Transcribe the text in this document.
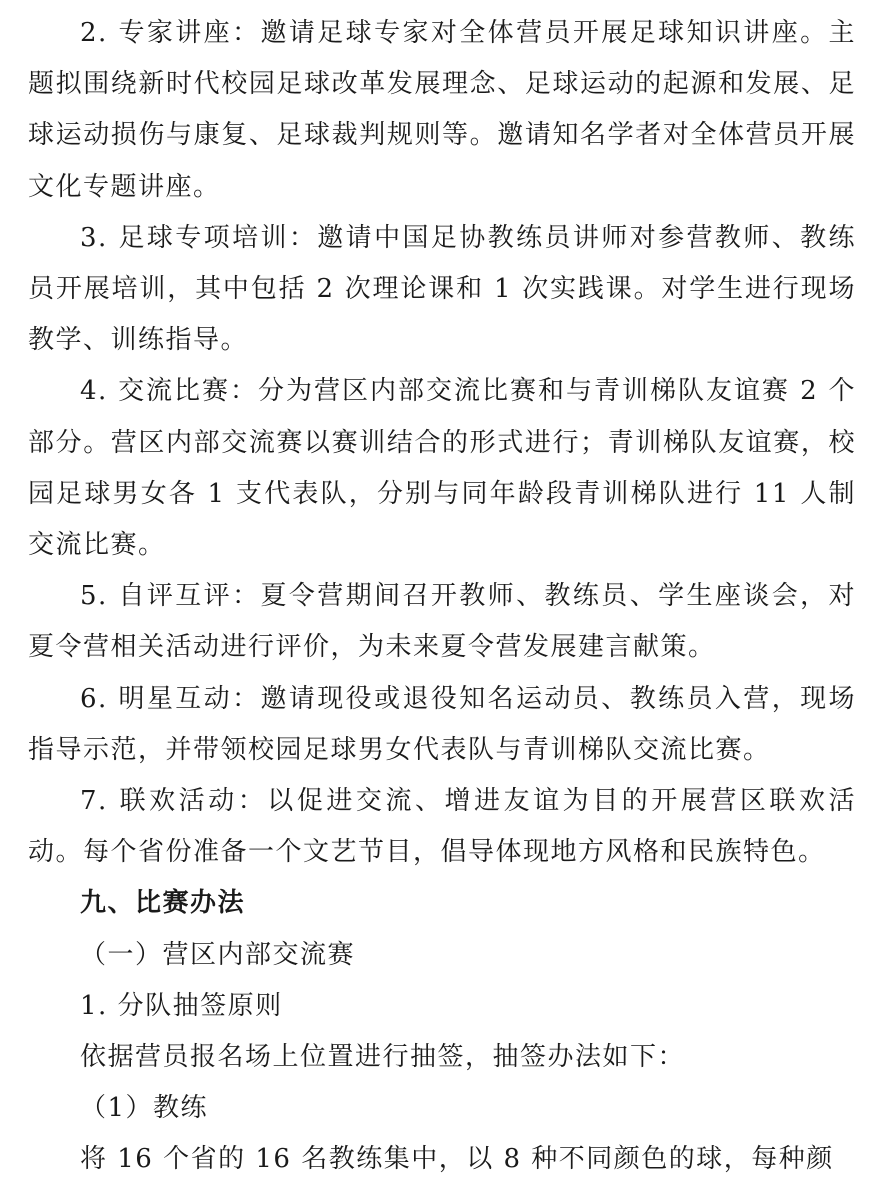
2. 专家讲座：邀请足球专家对全体营员开展足球知识讲座。主题拟围绕新时代校园足球改革发展理念、足球运动的起源和发展、足球运动损伤与康复、足球裁判规则等。邀请知名学者对全体营员开展文化专题讲座。

3. 足球专项培训：邀请中国足协教练员讲师对参营教师、教练员开展培训，其中包括 2 次理论课和 1 次实践课。对学生进行现场教学、训练指导。

4. 交流比赛：分为营区内部交流比赛和与青训梯队友谊赛 2 个部分。营区内部交流赛以赛训结合的形式进行；青训梯队友谊赛，校园足球男女各 1 支代表队，分别与同年龄段青训梯队进行 11 人制交流比赛。

5. 自评互评：夏令营期间召开教师、教练员、学生座谈会，对夏令营相关活动进行评价，为未来夏令营发展建言献策。

6. 明星互动：邀请现役或退役知名运动员、教练员入营，现场指导示范，并带领校园足球男女代表队与青训梯队交流比赛。

7. 联欢活动：以促进交流、增进友谊为目的开展营区联欢活动。每个省份准备一个文艺节目，倡导体现地方风格和民族特色。

九、比赛办法

（一）营区内部交流赛

1. 分队抽签原则

依据营员报名场上位置进行抽签，抽签办法如下：

（1）教练

将 16 个省的 16 名教练集中，以 8 种不同颜色的球，每种颜
